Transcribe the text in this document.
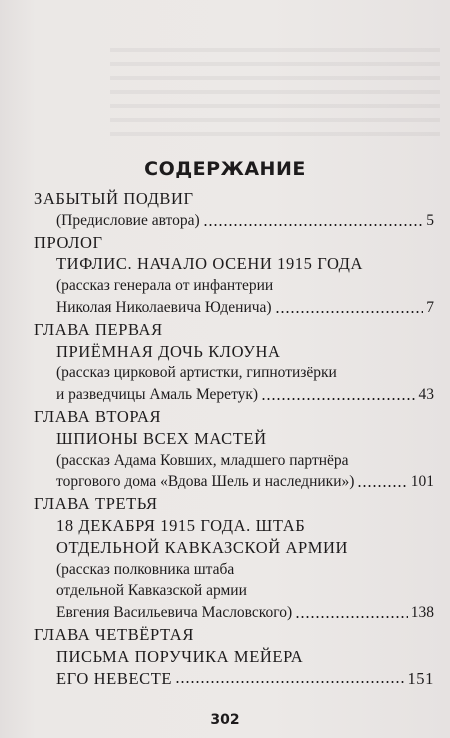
СОДЕРЖАНИЕ
ЗАБЫТЫЙ ПОДВИГ
(Предисловие автора)	5
ПРОЛОГ
ТИФЛИС. НАЧАЛО ОСЕНИ 1915 ГОДА
(рассказ генерала от инфантерии
Николая Николаевича Юденича)	7
ГЛАВА ПЕРВАЯ
ПРИЁМНАЯ ДОЧЬ КЛОУНА
(рассказ цирковой артистки, гипнотизёрки
и разведчицы Амаль Меретук)	43
ГЛАВА ВТОРАЯ
ШПИОНЫ ВСЕХ МАСТЕЙ
(рассказ Адама Ковших, младшего партнёра
торгового дома «Вдова Шель и наследники»)	101
ГЛАВА ТРЕТЬЯ
18 ДЕКАБРЯ 1915 ГОДА. ШТАБ
ОТДЕЛЬНОЙ КАВКАЗСКОЙ АРМИИ
(рассказ полковника штаба
отдельной Кавказской армии
Евгения Васильевича Масловского)	138
ГЛАВА ЧЕТВЁРТАЯ
ПИСЬМА ПОРУЧИКА МЕЙЕРА
ЕГО НЕВЕСТЕ	151
302
